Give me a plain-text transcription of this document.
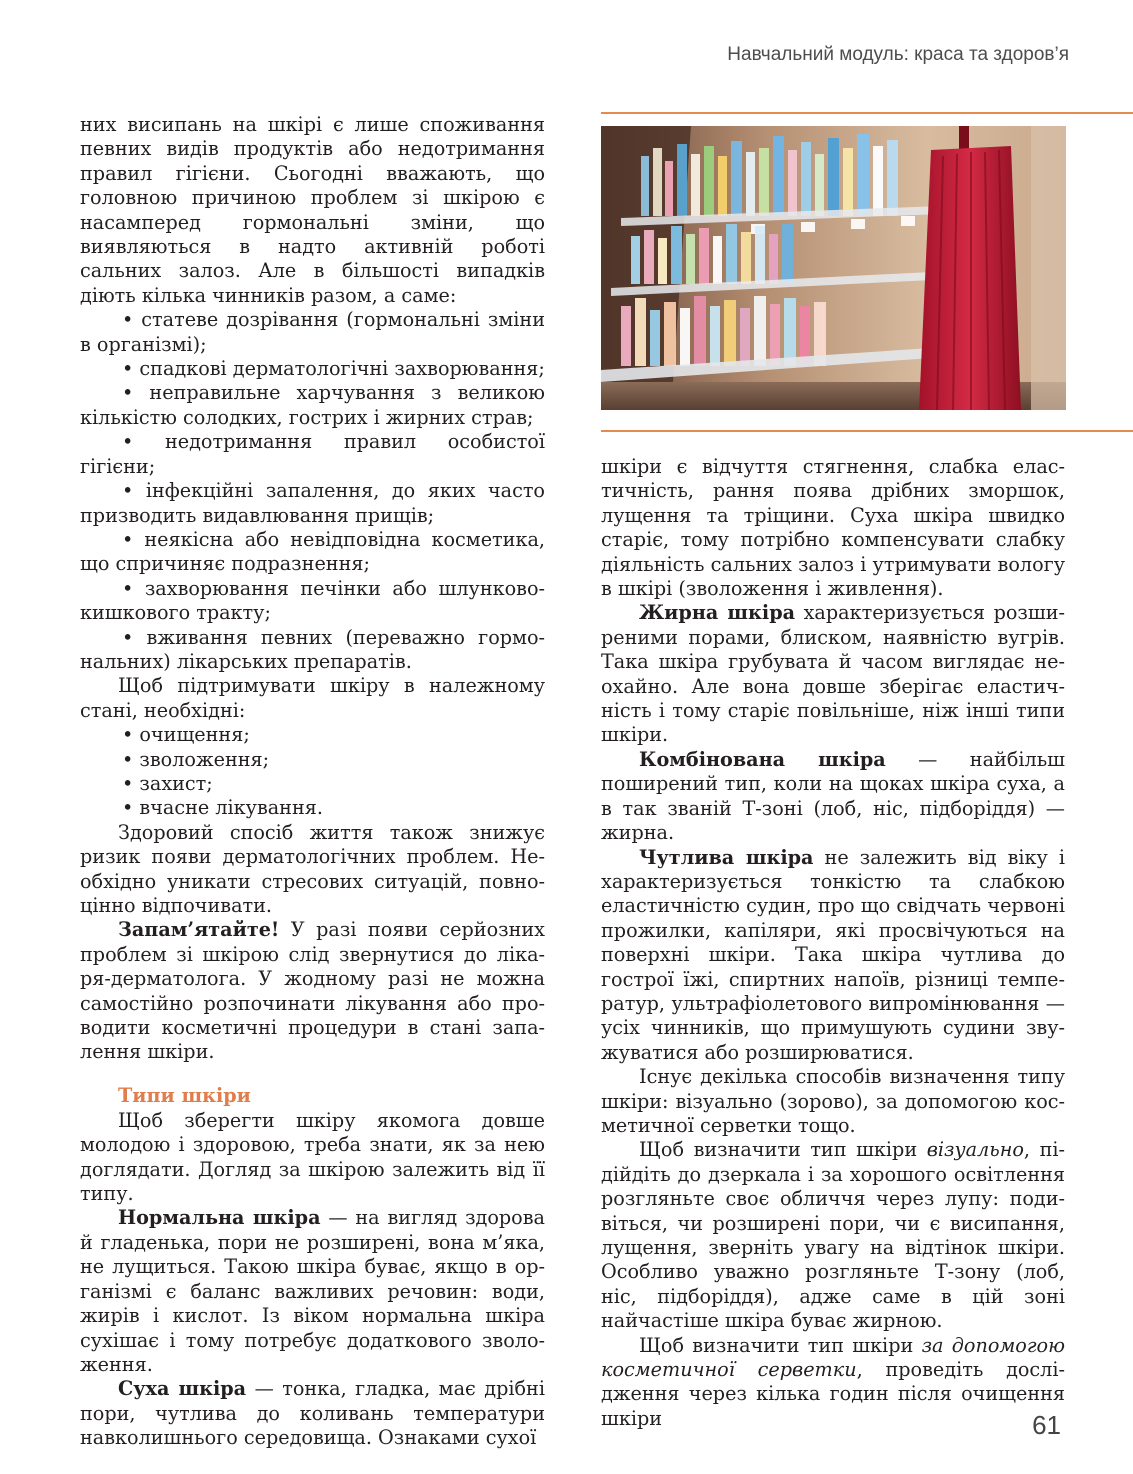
Навчальний модуль: краса та здоров’я

них висипань на шкірі є лише споживання певних видів продуктів або недотримання правил гігієни. Сьогодні вважають, що головною причиною проблем зі шкірою є насамперед гормональні зміни, що виявляються в надто активній роботі сальних залоз. Але в більшості випадків діють кілька чинників разом, а саме:

• статеве дозрівання (гормональні зміни в організмі);

• спадкові дерматологічні захворювання;

• неправильне харчування з великою кількістю солодких, гострих і жирних страв;

• недотримання правил особистої гігієни;

• інфекційні запалення, до яких часто призводить видавлювання прищів;

• неякісна або невідповідна косметика, що спричиняє подразнення;

• захворювання печінки або шлунково-кишкового тракту;

• вживання певних (переважно гормональних) лікарських препаратів.

Щоб підтримувати шкіру в належному стані, необхідні:

• очищення;

• зволоження;

• захист;

• вчасне лікування.

Здоровий спосіб життя також знижує ризик появи дерматологічних проблем. Необхідно уникати стресових ситуацій, повноцінно відпочивати.

Запам’ятайте! У разі появи серйозних проблем зі шкірою слід звернутися до лікаря-дерматолога. У жодному разі не можна самостійно розпочинати лікування або проводити косметичні процедури в стані запалення шкіри.

Типи шкіри

Щоб зберегти шкіру якомога довше молодою і здоровою, треба знати, як за нею доглядати. Догляд за шкірою залежить від її типу.

Нормальна шкіра — на вигляд здорова й гладенька, пори не розширені, вона м’яка, не лущиться. Такою шкіра буває, якщо в організмі є баланс важливих речовин: води, жирів і кислот. Із віком нормальна шкіра сухішає і тому потребує додаткового зволоження.

Суха шкіра — тонка, гладка, має дрібні пори, чутлива до коливань температури навколишнього середовища. Ознаками сухої

шкіри є відчуття стягнення, слабка еластичність, рання поява дрібних зморшок, лущення та тріщини. Суха шкіра швидко старіє, тому потрібно компенсувати слабку діяльність сальних залоз і утримувати вологу в шкірі (зволоження і живлення).

Жирна шкіра характеризується розширеними порами, блиском, наявністю вугрів. Така шкіра грубувата й часом виглядає неохайно. Але вона довше зберігає еластичність і тому старіє повільніше, ніж інші типи шкіри.

Комбінована шкіра — найбільш поширений тип, коли на щоках шкіра суха, а в так званій Т-зоні (лоб, ніс, підборіддя) — жирна.

Чутлива шкіра не залежить від віку і характеризується тонкістю та слабкою еластичністю судин, про що свідчать червоні прожилки, капіляри, які просвічуються на поверхні шкіри. Така шкіра чутлива до гострої їжі, спиртних напоїв, різниці температур, ультрафіолетового випромінювання — усіх чинників, що примушують судини звужуватися або розширюватися.

Існує декілька способів визначення типу шкіри: візуально (зорово), за допомогою косметичної серветки тощо.

Щоб визначити тип шкіри візуально, підійдіть до дзеркала і за хорошого освітлення розгляньте своє обличчя через лупу: подивіться, чи розширені пори, чи є висипання, лущення, зверніть увагу на відтінок шкіри. Особливо уважно розгляньте Т-зону (лоб, ніс, підборіддя), адже саме в цій зоні найчастіше шкіра буває жирною.

Щоб визначити тип шкіри за допомогою косметичної серветки, проведіть дослідження через кілька годин після очищення шкіри	61
